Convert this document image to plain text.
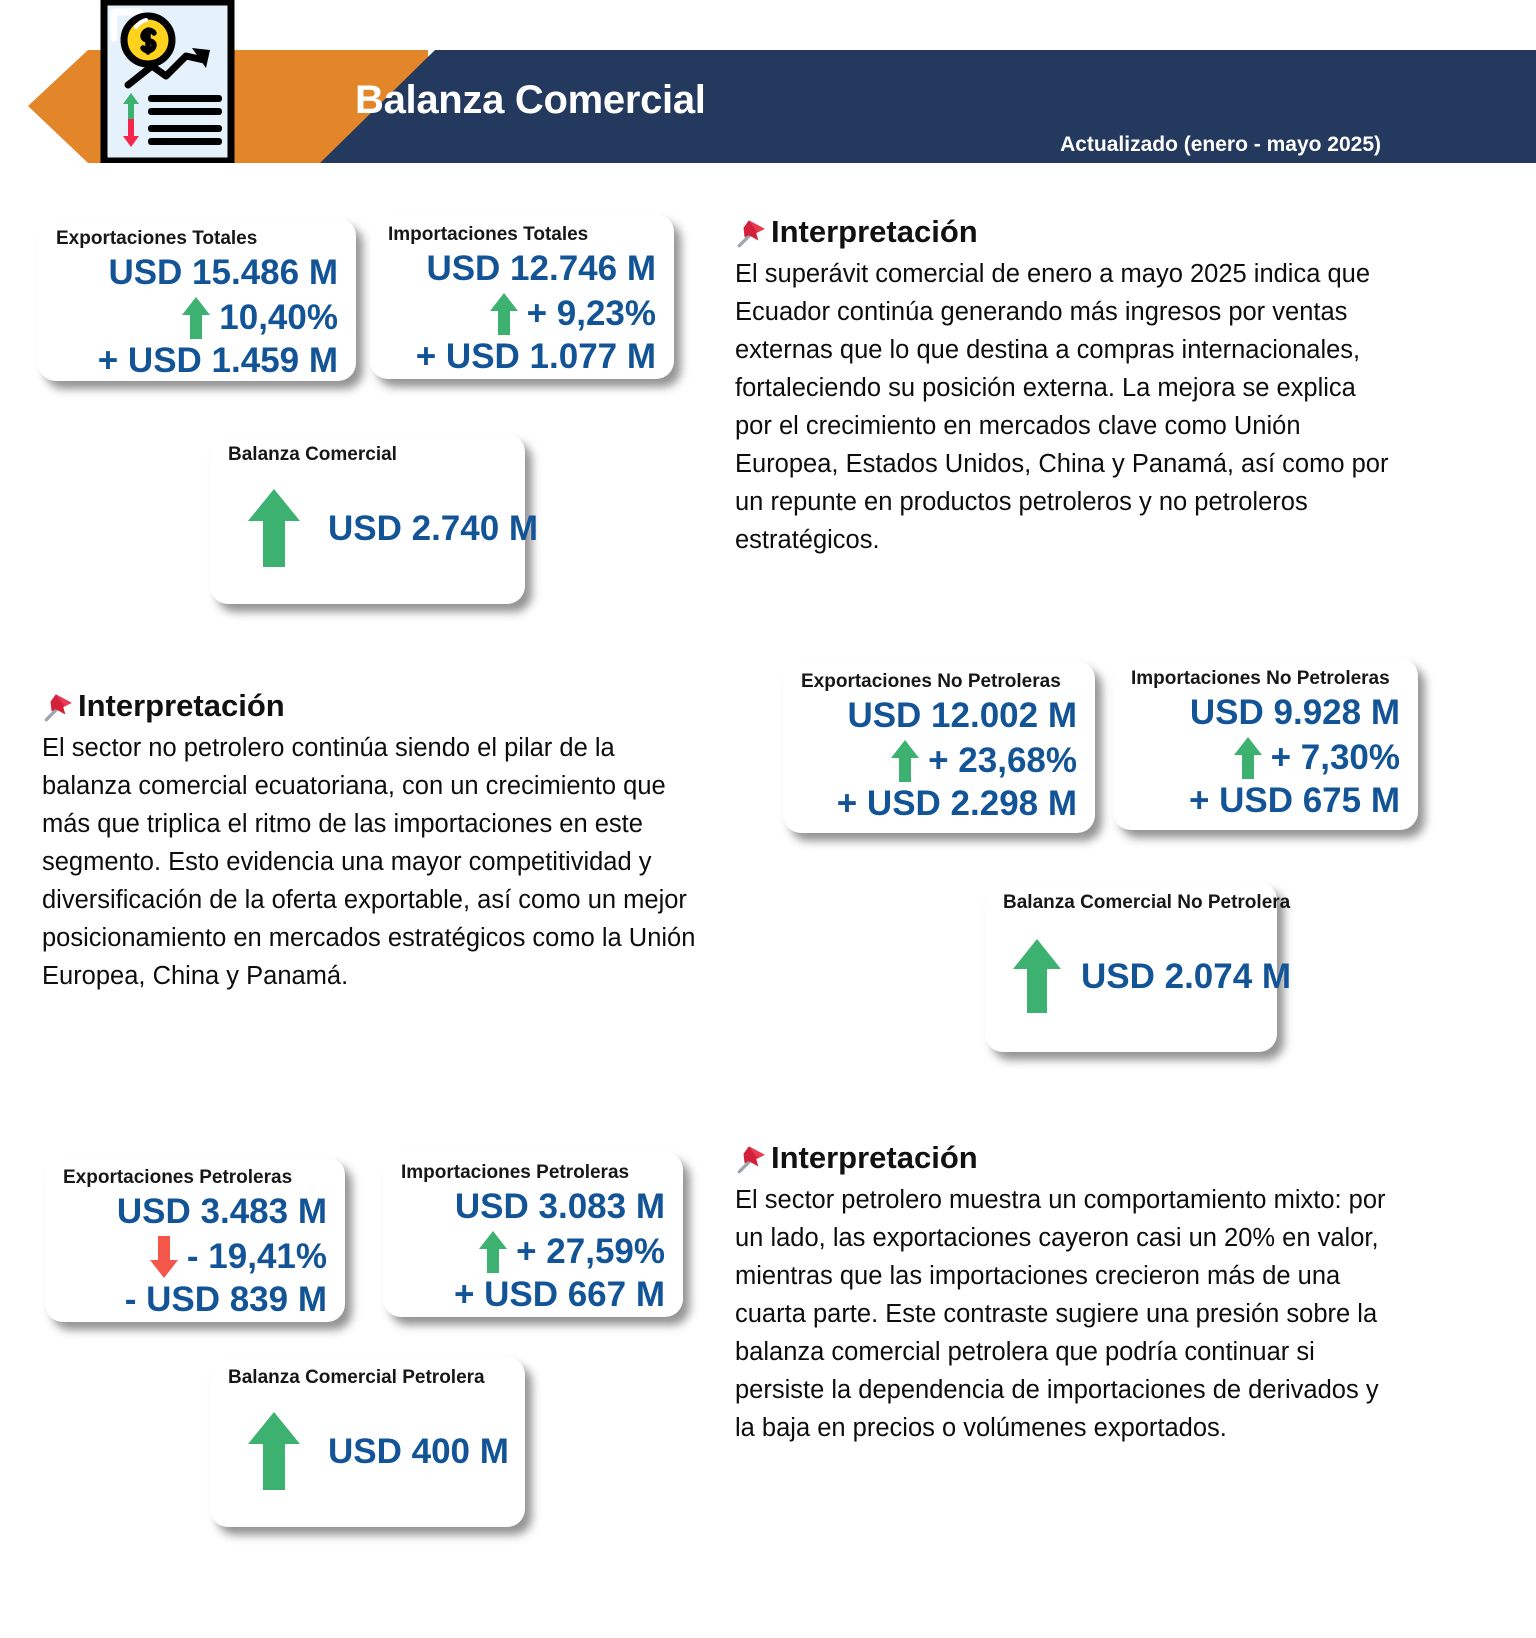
Balanza Comercial
Actualizado (enero - mayo 2025)
Exportaciones Totales
USD 15.486 M
10,40%
+ USD 1.459 M
Importaciones Totales
USD 12.746 M
+ 9,23%
+ USD 1.077 M
Balanza Comercial
USD 2.740 M
Interpretación
El superávit comercial de enero a mayo 2025 indica que Ecuador continúa generando más ingresos por ventas externas que lo que destina a compras internacionales, fortaleciendo su posición externa. La mejora se explica por el crecimiento en mercados clave como Unión Europea, Estados Unidos, China y Panamá, así como por un repunte en productos petroleros y no petroleros estratégicos.
Interpretación
El sector no petrolero continúa siendo el pilar de la balanza comercial ecuatoriana, con un crecimiento que más que triplica el ritmo de las importaciones en este segmento. Esto evidencia una mayor competitividad y diversificación de la oferta exportable, así como un mejor posicionamiento en mercados estratégicos como la Unión Europea, China y Panamá.
Exportaciones No Petroleras
USD 12.002 M
+ 23,68%
+ USD 2.298 M
Importaciones No Petroleras
USD 9.928 M
+ 7,30%
+ USD 675 M
Balanza Comercial No Petrolera
USD 2.074 M
Exportaciones Petroleras
USD 3.483 M
- 19,41%
- USD 839 M
Importaciones Petroleras
USD 3.083 M
+ 27,59%
+ USD 667 M
Balanza Comercial Petrolera
USD 400 M
Interpretación
El sector petrolero muestra un comportamiento mixto: por un lado, las exportaciones cayeron casi un 20% en valor, mientras que las importaciones crecieron más de una cuarta parte. Este contraste sugiere una presión sobre la balanza comercial petrolera que podría continuar si persiste la dependencia de importaciones de derivados y la baja en precios o volúmenes exportados.
